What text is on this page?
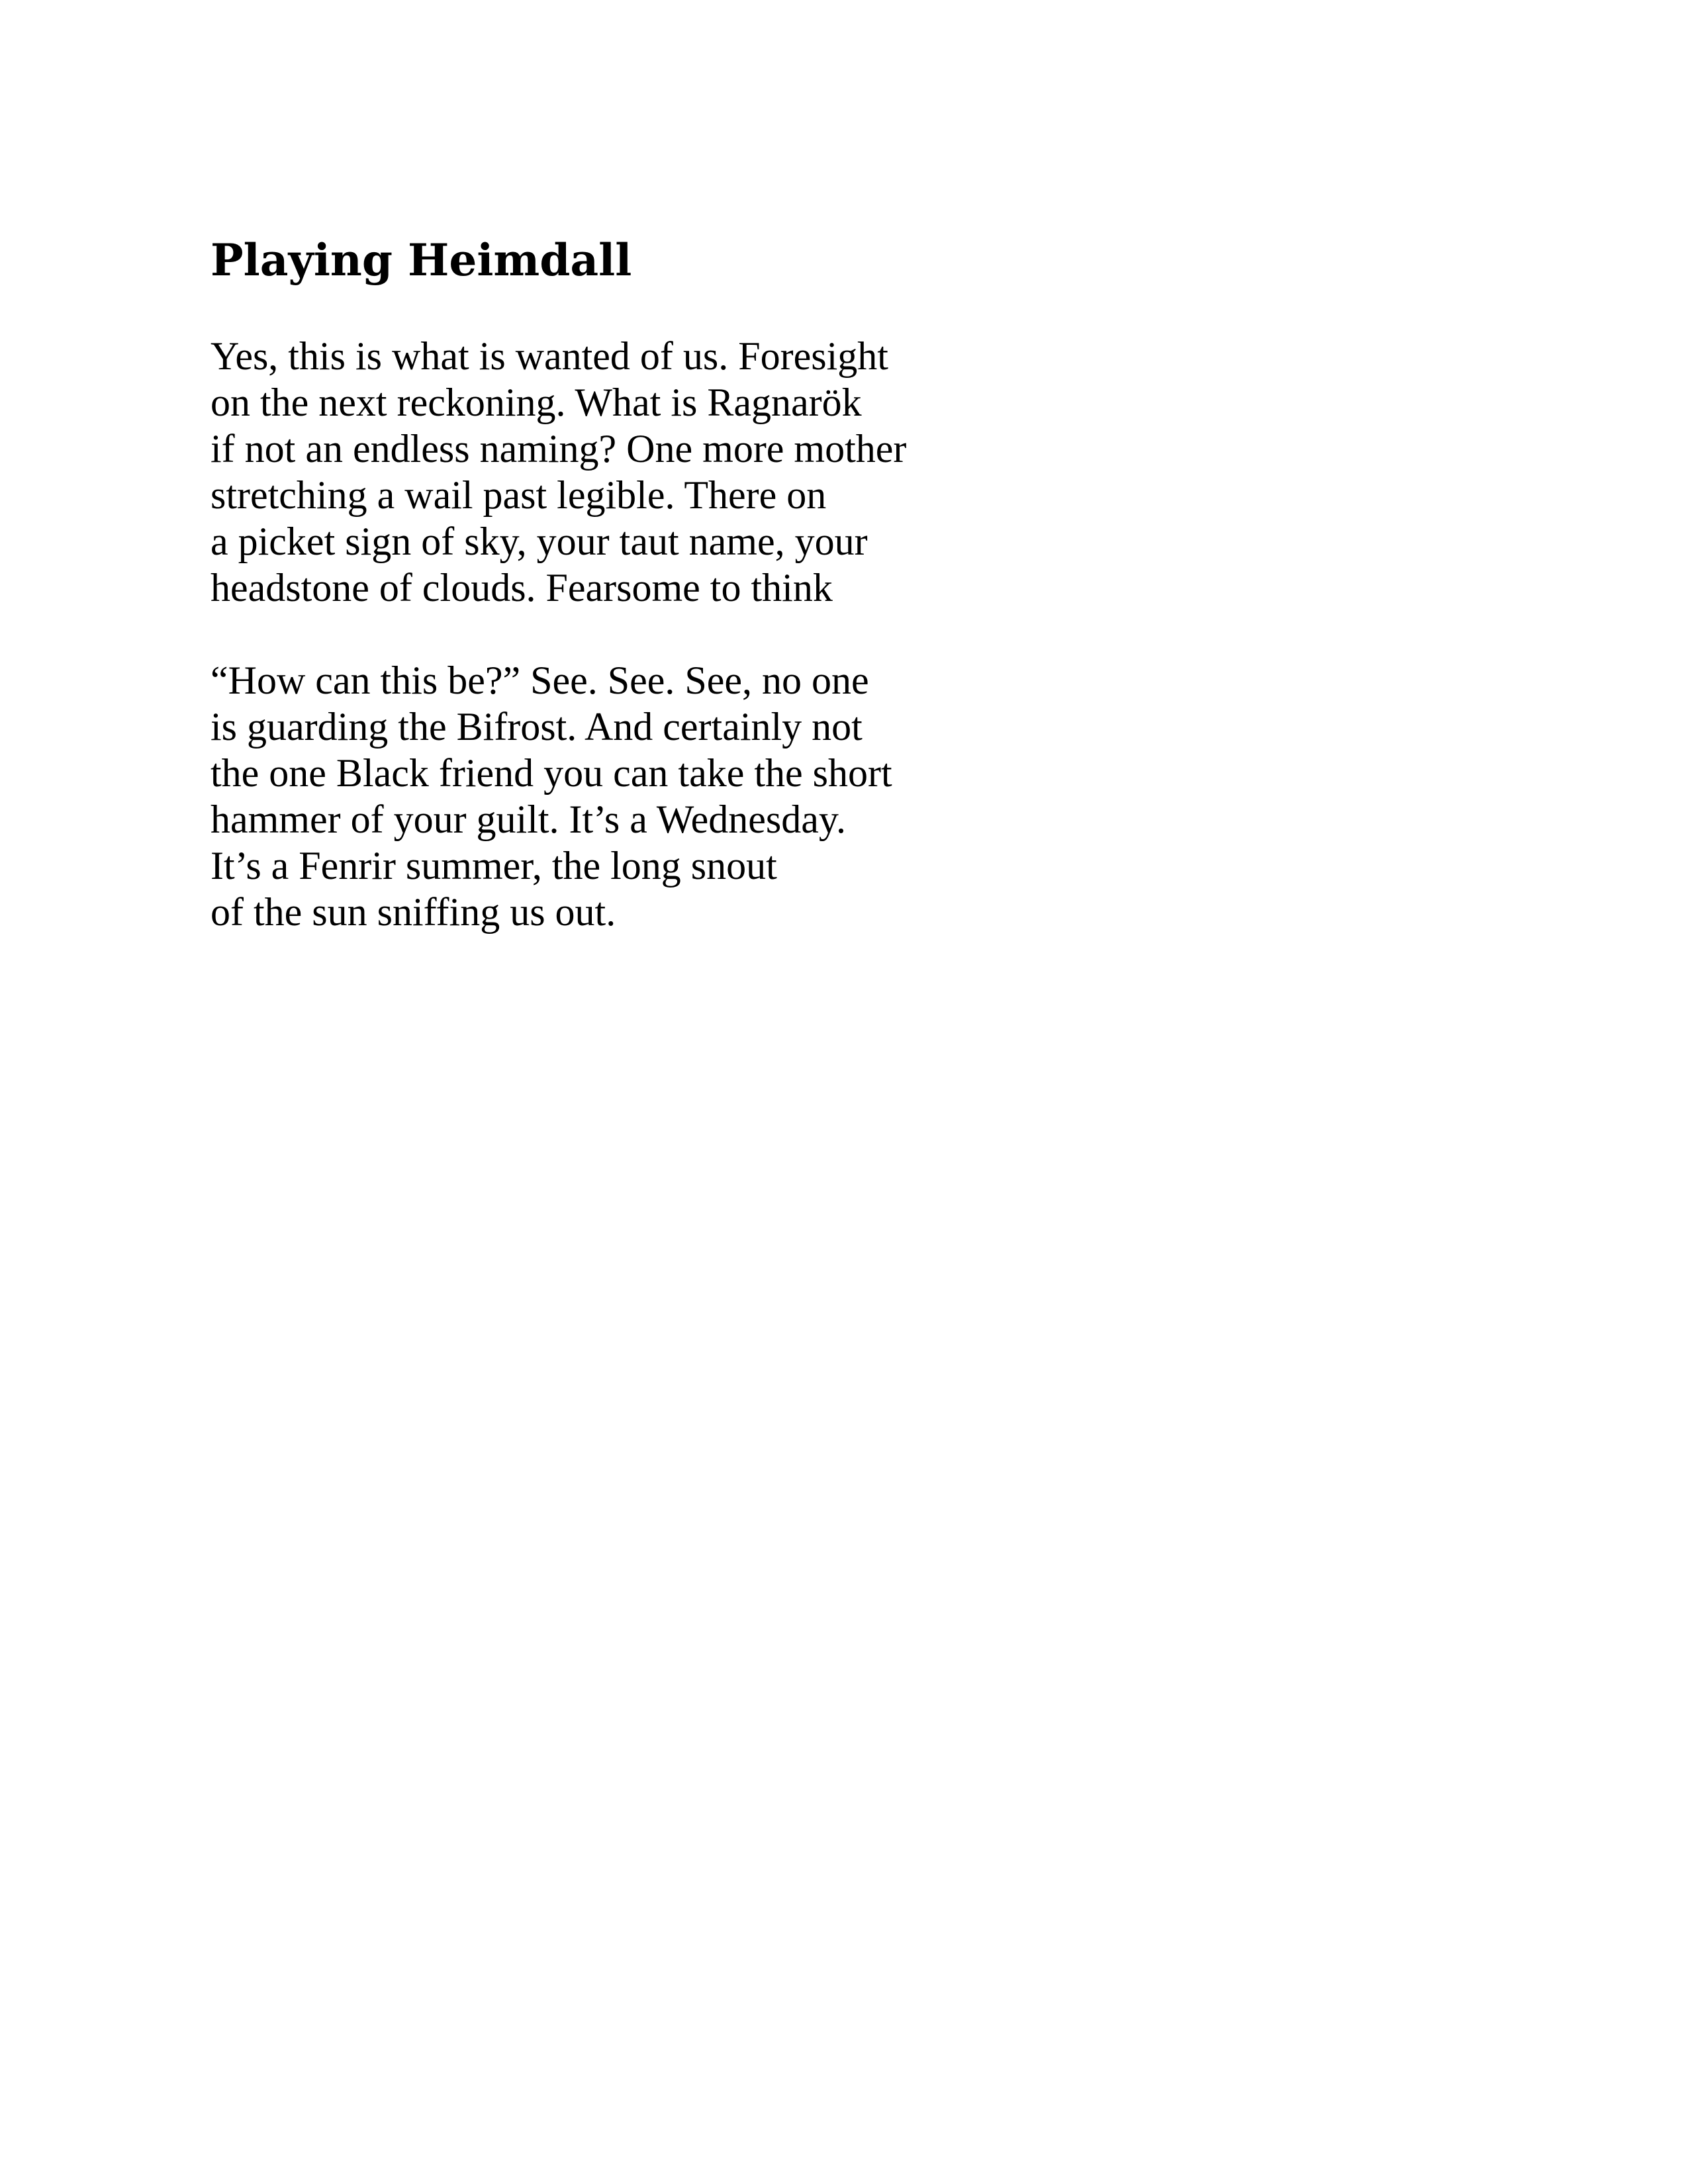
Playing Heimdall
Yes, this is what is wanted of us. Foresight
on the next reckoning. What is Ragnarök
if not an endless naming? One more mother
stretching a wail past legible. There on
a picket sign of sky, your taut name, your
headstone of clouds. Fearsome to think
“How can this be?” See. See. See, no one
is guarding the Bifrost. And certainly not
the one Black friend you can take the short
hammer of your guilt. It’s a Wednesday.
It’s a Fenrir summer, the long snout
of the sun sniffing us out.
